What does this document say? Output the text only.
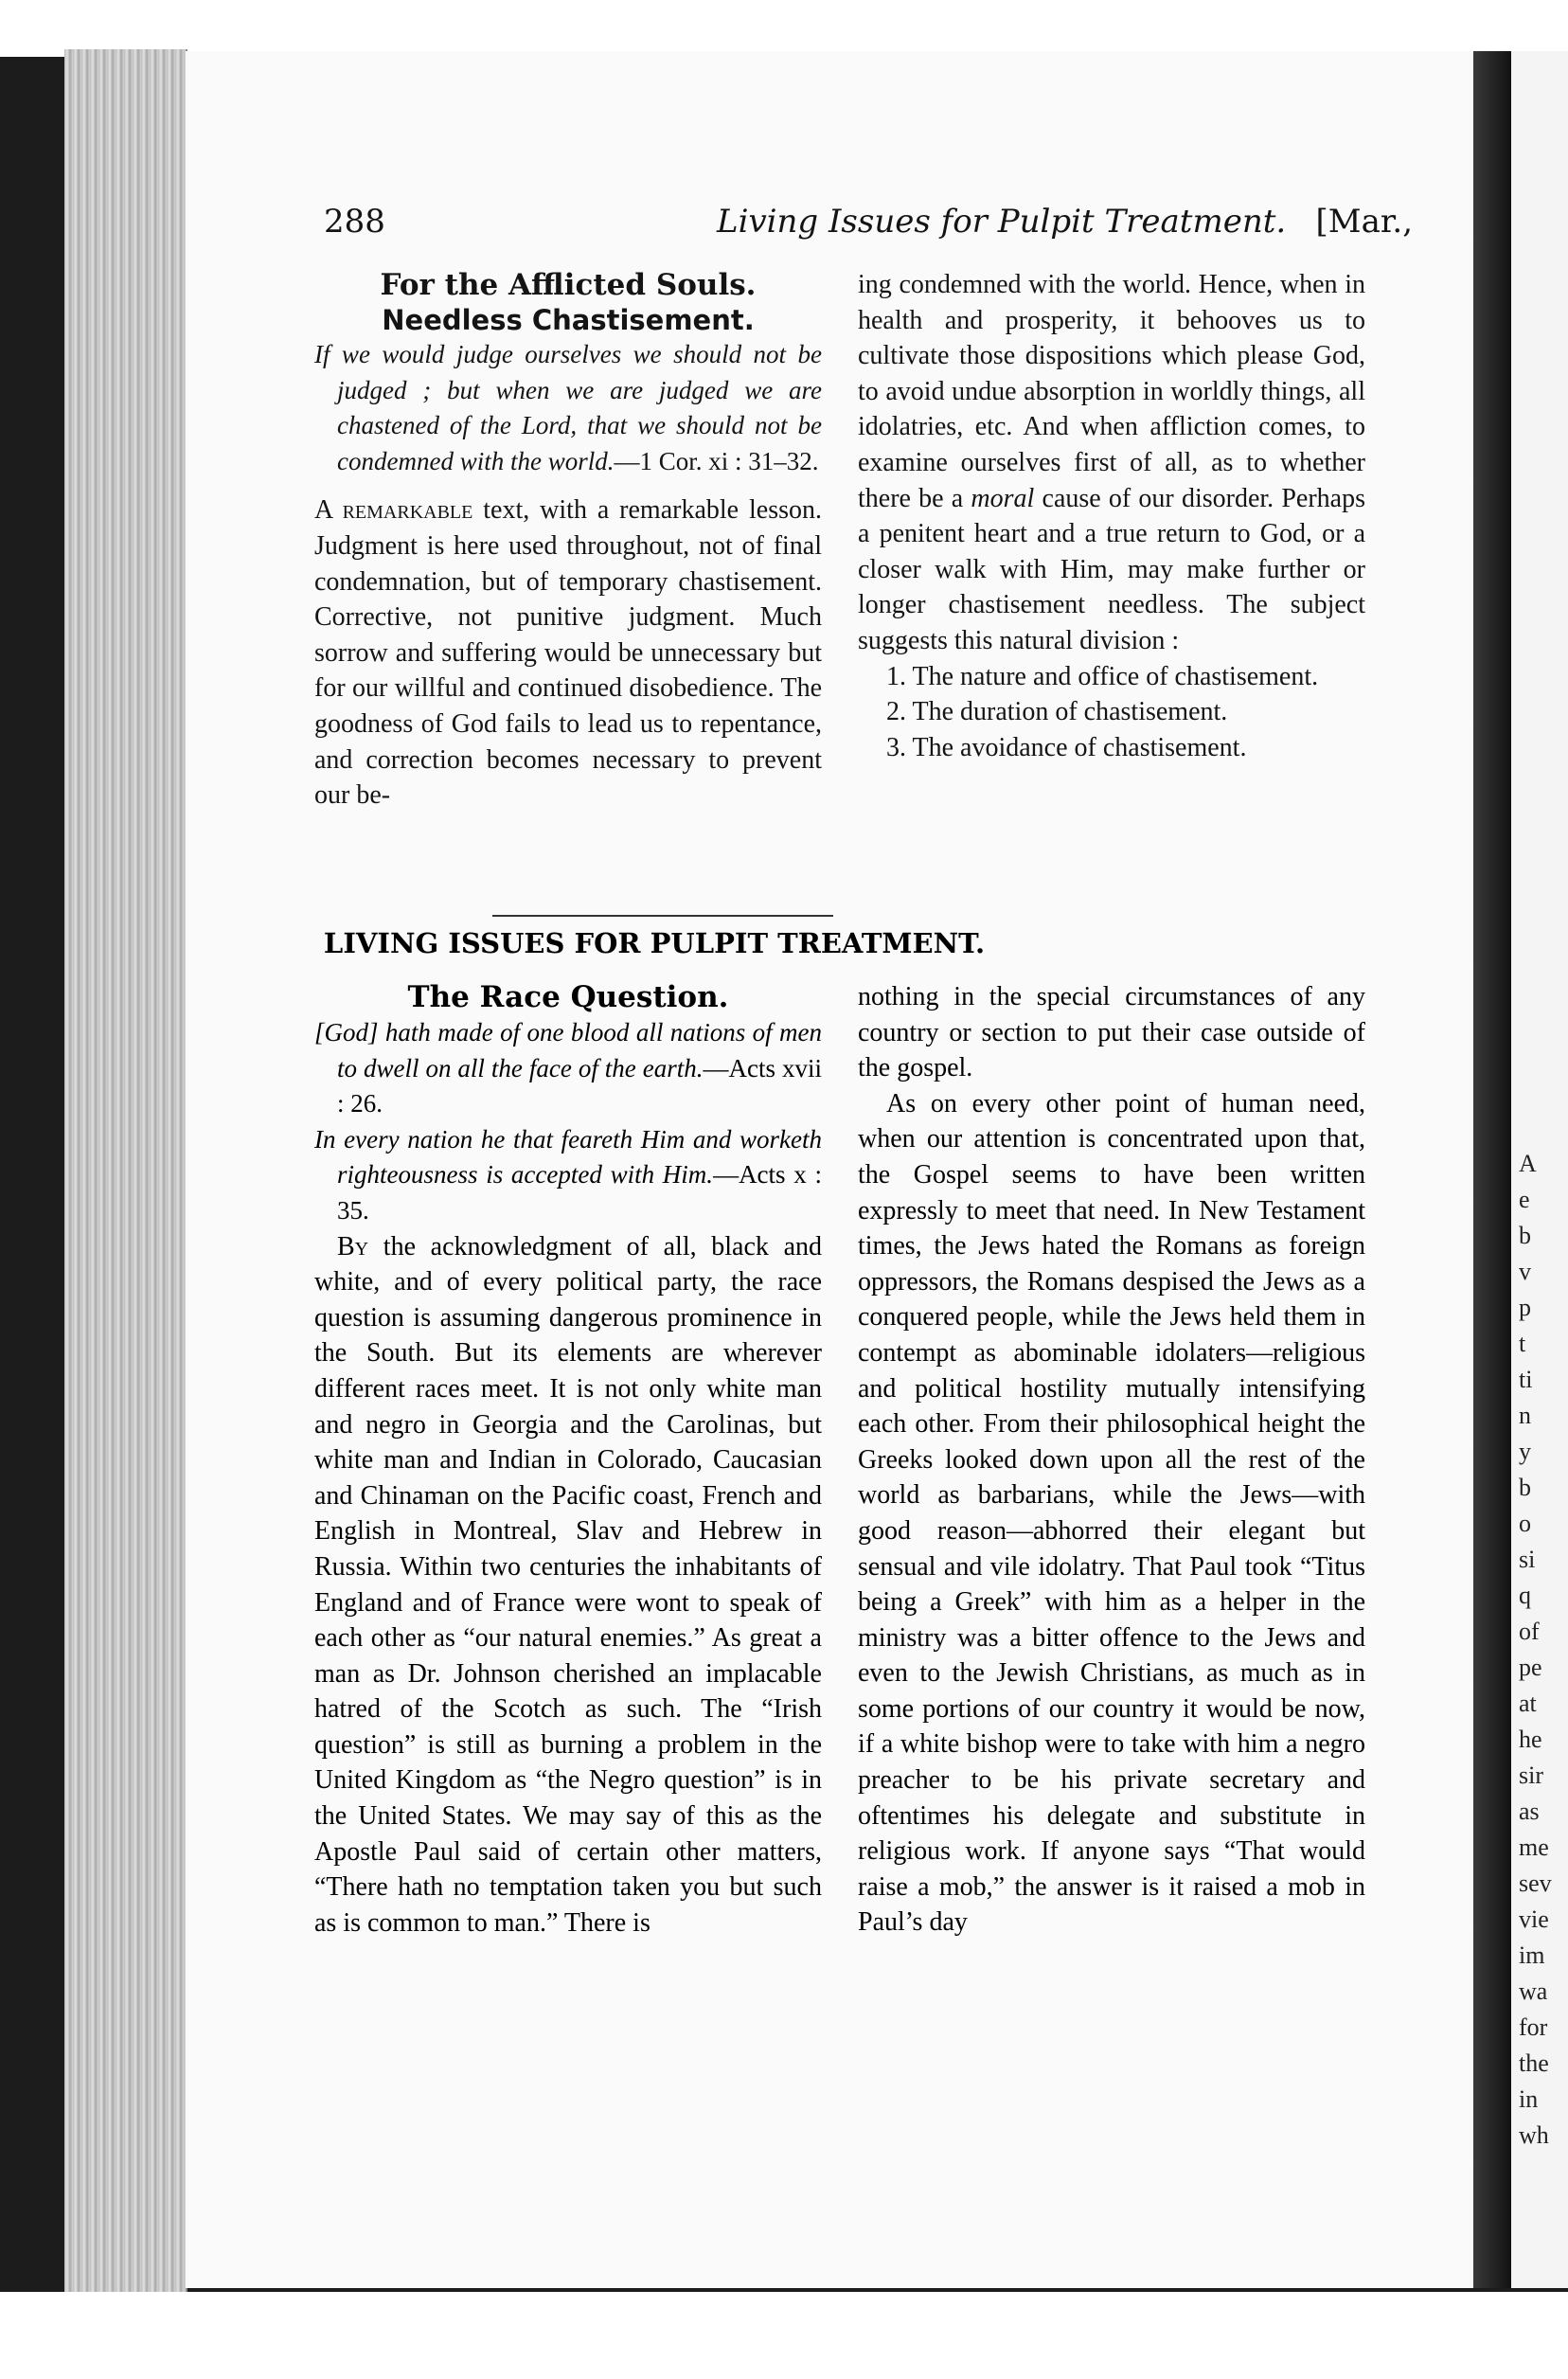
A
e
b
v
p
t
ti
n
y
b
o
si
q
of
pe
at
he
sir
as
me
sev
vie
im
wa
for
the
in
wh
288	Living Issues for Pulpit Treatment. [Mar.,
For the Afflicted Souls.
Needless Chastisement.
If we would judge ourselves we should not be judged ; but when we are judged we are chastened of the Lord, that we should not be condemned with the world.—1 Cor. xi : 31–32.

A remarkable text, with a remarkable lesson. Judgment is here used throughout, not of final condemnation, but of temporary chastisement. Corrective, not punitive judgment. Much sorrow and suffering would be unnecessary but for our willful and continued disobedience. The goodness of God fails to lead us to repentance, and correction becomes necessary to prevent our be-

ing condemned with the world. Hence, when in health and prosperity, it behooves us to cultivate those dispositions which please God, to avoid undue absorption in worldly things, all idolatries, etc. And when affliction comes, to examine ourselves first of all, as to whether there be a moral cause of our disorder. Perhaps a penitent heart and a true return to God, or a closer walk with Him, may make further or longer chastisement needless. The subject suggests this natural division :

1. The nature and office of chastisement.

2. The duration of chastisement.

3. The avoidance of chastisement.

LIVING ISSUES FOR PULPIT TREATMENT.
The Race Question.
[God] hath made of one blood all nations of men to dwell on all the face of the earth.—Acts xvii : 26.
In every nation he that feareth Him and worketh righteousness is accepted with Him.—Acts x : 35.

By the acknowledgment of all, black and white, and of every political party, the race question is assuming dangerous prominence in the South. But its elements are wherever different races meet. It is not only white man and negro in Georgia and the Carolinas, but white man and Indian in Colorado, Caucasian and Chinaman on the Pacific coast, French and English in Montreal, Slav and Hebrew in Russia. Within two centuries the inhabitants of England and of France were wont to speak of each other as “our natural enemies.” As great a man as Dr. Johnson cherished an implacable hatred of the Scotch as such. The “Irish question” is still as burning a problem in the United Kingdom as “the Negro question” is in the United States. We may say of this as the Apostle Paul said of certain other matters, “There hath no temptation taken you but such as is common to man.” There is

nothing in the special circumstances of any country or section to put their case outside of the gospel.

As on every other point of human need, when our attention is concentrated upon that, the Gospel seems to have been written expressly to meet that need. In New Testament times, the Jews hated the Romans as foreign oppressors, the Romans despised the Jews as a conquered people, while the Jews held them in contempt as abominable idolaters—religious and political hostility mutually intensifying each other. From their philosophical height the Greeks looked down upon all the rest of the world as barbarians, while the Jews—with good reason—abhorred their elegant but sensual and vile idolatry. That Paul took “Titus being a Greek” with him as a helper in the ministry was a bitter offence to the Jews and even to the Jewish Christians, as much as in some portions of our country it would be now, if a white bishop were to take with him a negro preacher to be his private secretary and oftentimes his delegate and substitute in religious work. If anyone says “That would raise a mob,” the answer is it raised a mob in Paul’s day
